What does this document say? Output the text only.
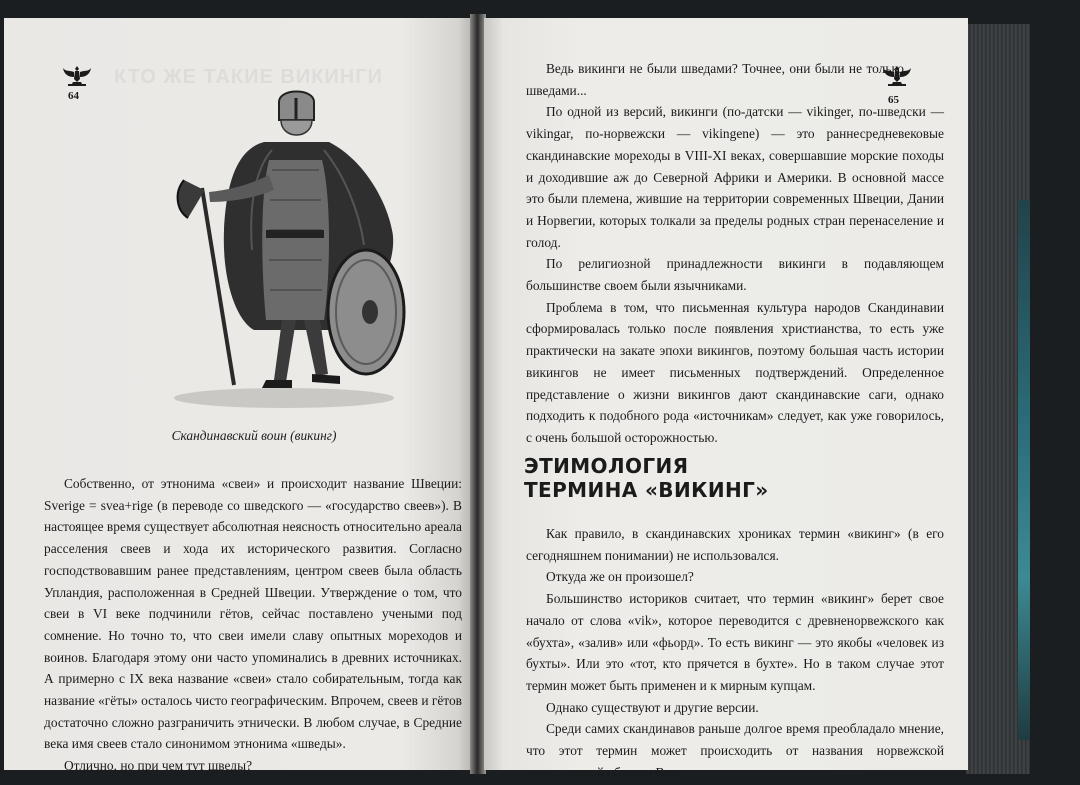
КТО ЖЕ ТАКИЕ ВИКИНГИ
64
Скандинавский воин (викинг)

Собственно, от этнонима «свеи» и происходит название Швеции: Sverige = svea+rige (в переводе со шведского — «государство свеев»). В настоящее время существует абсолютная неясность относительно ареала расселения свеев и хода их исторического развития. Согласно господствовавшим ранее представлениям, центром свеев была область Упландия, расположенная в Средней Швеции. Утверждение о том, что свеи в VI веке подчинили гётов, сейчас поставлено учеными под сомнение. Но точно то, что свеи имели славу опытных мореходов и воинов. Благодаря этому они часто упоминались в древних источниках. А примерно с IX века название «свеи» стало собирательным, тогда как название «гёты» осталось чисто географическим. Впрочем, свеев и гётов достаточно сложно разграничить этнически. В любом случае, в Средние века имя свеев стало синонимом этнонима «шведы».

Отлично, но при чем тут шведы?

65

Ведь викинги не были шведами? Точнее, они были не только шведами...

По одной из версий, викинги (по-датски — vikinger, по-шведски — vikingar, по-норвежски — vikingene) — это раннесредневековые скандинавские мореходы в VIII-XI веках, совершавшие морские походы и доходившие аж до Северной Африки и Америки. В основной массе это были племена, жившие на территории современных Швеции, Дании и Норвегии, которых толкали за пределы родных стран перенаселение и голод.

По религиозной принадлежности викинги в подавляющем большинстве своем были язычниками.

Проблема в том, что письменная культура народов Скандинавии сформировалась только после появления христианства, то есть уже практически на закате эпохи викингов, поэтому большая часть истории викингов не имеет письменных подтверждений. Определенное представление о жизни викингов дают скандинавские саги, однако подходить к подобного рода «источникам» следует, как уже говорилось, с очень большой осторожностью.

ЭТИМОЛОГИЯ
ТЕРМИНА «ВИКИНГ»

Как правило, в скандинавских хрониках термин «викинг» (в его сегодняшнем понимании) не использовался.

Откуда же он произошел?

Большинство историков считает, что термин «викинг» берет свое начало от слова «vik», которое переводится с древненорвежского как «бухта», «залив» или «фьорд». То есть викинг — это якобы «человек из бухты». Или это «тот, кто прячется в бухте». Но в таком случае этот термин может быть применен и к мирным купцам.

Однако существуют и другие версии.

Среди самих скандинавов раньше долгое время преобладало мнение, что этот термин может происходить от названия норвежской исторической области Вик
